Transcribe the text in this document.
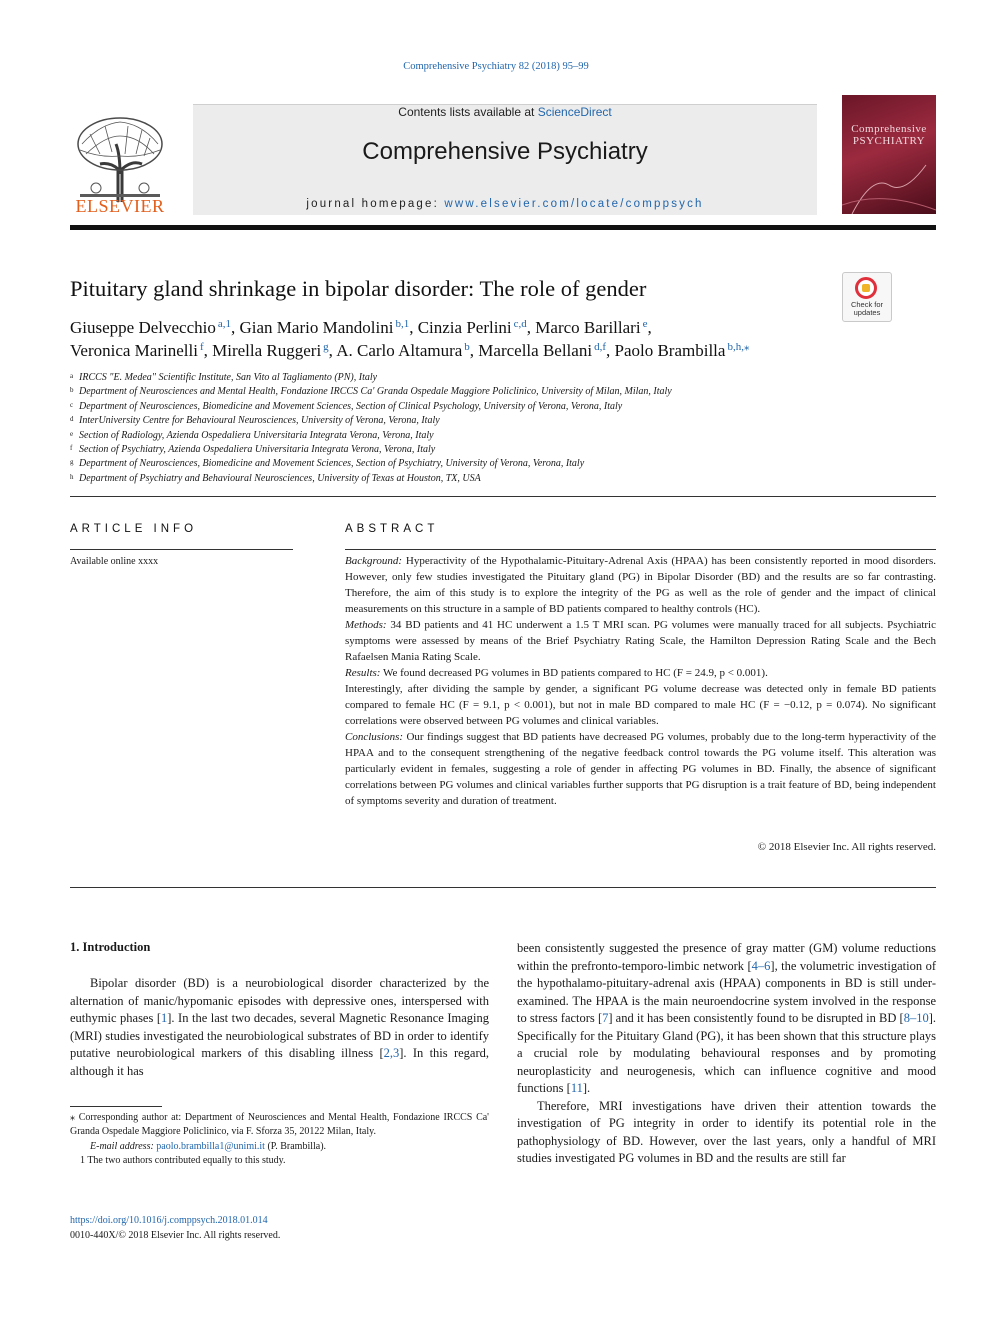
Comprehensive Psychiatry 82 (2018) 95–99
ELSEVIER
Contents lists available at ScienceDirect
Comprehensive Psychiatry
journal homepage: www.elsevier.com/locate/comppsych
Comprehensive PSYCHIATRY
Pituitary gland shrinkage in bipolar disorder: The role of gender
Check for updates
Giuseppe Delvecchio $^{a,1}$, Gian Mario Mandolini $^{b,1}$, Cinzia Perlini $^{c,d}$, Marco Barillari $^e$,
Veronica Marinelli $^f$, Mirella Ruggeri $^g$, A. Carlo Altamura $^b$, Marcella Bellani $^{d,f}$, Paolo Brambilla $^{b,h,⁎}$
a IRCCS "E. Medea" Scientific Institute, San Vito al Tagliamento (PN), Italy
b Department of Neurosciences and Mental Health, Fondazione IRCCS Ca' Granda Ospedale Maggiore Policlinico, University of Milan, Milan, Italy
c Department of Neurosciences, Biomedicine and Movement Sciences, Section of Clinical Psychology, University of Verona, Verona, Italy
d InterUniversity Centre for Behavioural Neurosciences, University of Verona, Verona, Italy
e Section of Radiology, Azienda Ospedaliera Universitaria Integrata Verona, Verona, Italy
f Section of Psychiatry, Azienda Ospedaliera Universitaria Integrata Verona, Verona, Italy
g Department of Neurosciences, Biomedicine and Movement Sciences, Section of Psychiatry, University of Verona, Verona, Italy
h Department of Psychiatry and Behavioural Neurosciences, University of Texas at Houston, TX, USA
ARTICLE INFO
Available online xxxx
ABSTRACT

Background: Hyperactivity of the Hypothalamic-Pituitary-Adrenal Axis (HPAA) has been consistently reported in mood disorders. However, only few studies investigated the Pituitary gland (PG) in Bipolar Disorder (BD) and the results are so far contrasting. Therefore, the aim of this study is to explore the integrity of the PG as well as the role of gender and the impact of clinical measurements on this structure in a sample of BD patients compared to healthy controls (HC).

Methods: 34 BD patients and 41 HC underwent a 1.5 T MRI scan. PG volumes were manually traced for all subjects. Psychiatric symptoms were assessed by means of the Brief Psychiatry Rating Scale, the Hamilton Depression Rating Scale and the Bech Rafaelsen Mania Rating Scale.

Results: We found decreased PG volumes in BD patients compared to HC (F = 24.9, p < 0.001).

Interestingly, after dividing the sample by gender, a significant PG volume decrease was detected only in female BD patients compared to female HC (F = 9.1, p < 0.001), but not in male BD compared to male HC (F = −0.12, p = 0.074). No significant correlations were observed between PG volumes and clinical variables.

Conclusions: Our findings suggest that BD patients have decreased PG volumes, probably due to the long-term hyperactivity of the HPAA and to the consequent strengthening of the negative feedback control towards the PG volume itself. This alteration was particularly evident in females, suggesting a role of gender in affecting PG volumes in BD. Finally, the absence of significant correlations between PG volumes and clinical variables further supports that PG disruption is a trait feature of BD, being independent of symptoms severity and duration of treatment.

© 2018 Elsevier Inc. All rights reserved.
1. Introduction

Bipolar disorder (BD) is a neurobiological disorder characterized by the alternation of manic/hypomanic episodes with depressive ones, interspersed with euthymic phases [1]. In the last two decades, several Magnetic Resonance Imaging (MRI) studies investigated the neurobiological substrates of BD in order to identify putative neurobiological markers of this disabling illness [2,3]. In this regard, although it has

been consistently suggested the presence of gray matter (GM) volume reductions within the prefronto-temporo-limbic network [4–6], the volumetric investigation of the hypothalamo-pituitary-adrenal axis (HPAA) components in BD is still under-examined. The HPAA is the main neuroendocrine system involved in the response to stress factors [7] and it has been consistently found to be disrupted in BD [8–10]. Specifically for the Pituitary Gland (PG), it has been shown that this structure plays a crucial role by modulating behavioural responses and by promoting neuroplasticity and neurogenesis, which can influence cognitive and mood functions [11].

Therefore, MRI investigations have driven their attention towards the investigation of PG integrity in order to identify its potential role in the pathophysiology of BD. However, over the last years, only a handful of MRI studies investigated PG volumes in BD and the results are still far

⁎ Corresponding author at: Department of Neurosciences and Mental Health, Fondazione IRCCS Ca' Granda Ospedale Maggiore Policlinico, via F. Sforza 35, 20122 Milan, Italy.

E-mail address: paolo.brambilla1@unimi.it (P. Brambilla).

1 The two authors contributed equally to this study.

https://doi.org/10.1016/j.comppsych.2018.01.014
0010-440X/© 2018 Elsevier Inc. All rights reserved.
